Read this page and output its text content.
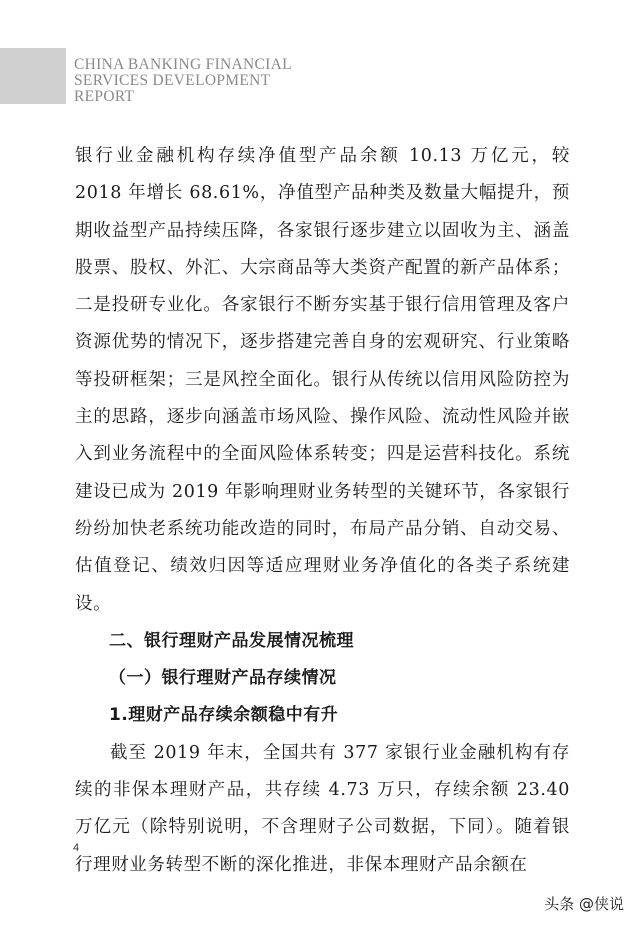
CHINA BANKING FINANCIAL
SERVICES DEVELOPMENT
REPORT

银行业金融机构存续净值型产品余额 10.13 万亿元，较 2018 年增长 68.61%，净值型产品种类及数量大幅提升，预期收益型产品持续压降，各家银行逐步建立以固收为主、涵盖股票、股权、外汇、大宗商品等大类资产配置的新产品体系；二是投研专业化。各家银行不断夯实基于银行信用管理及客户资源优势的情况下，逐步搭建完善自身的宏观研究、行业策略等投研框架；三是风控全面化。银行从传统以信用风险防控为主的思路，逐步向涵盖市场风险、操作风险、流动性风险并嵌入到业务流程中的全面风险体系转变；四是运营科技化。系统建设已成为 2019 年影响理财业务转型的关键环节，各家银行纷纷加快老系统功能改造的同时，布局产品分销、自动交易、估值登记、绩效归因等适应理财业务净值化的各类子系统建设。

二、银行理财产品发展情况梳理

（一）银行理财产品存续情况

1.理财产品存续余额稳中有升

截至 2019 年末，全国共有 377 家银行业金融机构有存续的非保本理财产品，共存续 4.73 万只，存续余额 23.40 万亿元（除特别说明，不含理财子公司数据，下同）。随着银行理财业务转型不断的深化推进，非保本理财产品余额在

4
头条 @侠说
